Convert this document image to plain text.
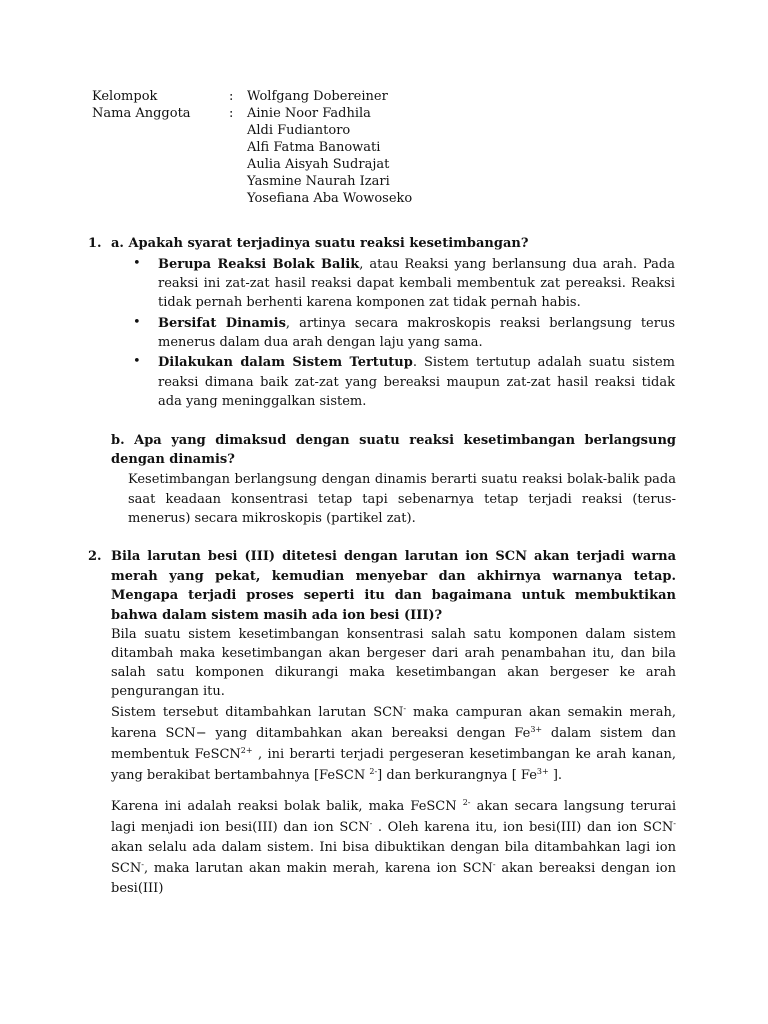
Kelompok	: Wolfgang Dobereiner
Nama Anggota	: Ainie Noor Fadhila
Aldi Fudiantoro
Alfi Fatma Banowati
Aulia Aisyah Sudrajat
Yasmine Naurah Izari
Yosefiana Aba Wowoseko
1. a. Apakah syarat terjadinya suatu reaksi kesetimbangan?
• Berupa Reaksi Bolak Balik, atau Reaksi yang berlansung dua arah. Pada reaksi ini zat-zat hasil reaksi dapat kembali membentuk zat pereaksi. Reaksi tidak pernah berhenti karena komponen zat tidak pernah habis.
• Bersifat Dinamis, artinya secara makroskopis reaksi berlangsung terus menerus dalam dua arah dengan laju yang sama.
• Dilakukan dalam Sistem Tertutup. Sistem tertutup adalah suatu sistem reaksi dimana baik zat-zat yang bereaksi maupun zat-zat hasil reaksi tidak ada yang meninggalkan sistem.
b. Apa yang dimaksud dengan suatu reaksi kesetimbangan berlangsung dengan dinamis?
Kesetimbangan berlangsung dengan dinamis berarti suatu reaksi bolak-balik pada saat keadaan konsentrasi tetap tapi sebenarnya tetap terjadi reaksi (terus-menerus) secara mikroskopis (partikel zat).
2. Bila larutan besi (III) ditetesi dengan larutan ion SCN akan terjadi warna merah yang pekat, kemudian menyebar dan akhirnya warnanya tetap. Mengapa terjadi proses seperti itu dan bagaimana untuk membuktikan bahwa dalam sistem masih ada ion besi (III)?
Bila suatu sistem kesetimbangan konsentrasi salah satu komponen dalam sistem ditambah maka kesetimbangan akan bergeser dari arah penambahan itu, dan bila salah satu komponen dikurangi maka kesetimbangan akan bergeser ke arah pengurangan itu.
Sistem tersebut ditambahkan larutan SCN- maka campuran akan semakin merah, karena SCN− yang ditambahkan akan bereaksi dengan $Fe^{3+}$ dalam sistem dan membentuk FeSCN$^{2+}$ , ini berarti terjadi pergeseran kesetimbangan ke arah kanan, yang berakibat bertambahnya [FeSCN $^{2-}$] dan berkurangnya [ $Fe^{3+}$ ].
Karena ini adalah reaksi bolak balik, maka FeSCN $^{2-}$ akan secara langsung terurai lagi menjadi ion besi(III) dan ion SCN- . Oleh karena itu, ion besi(III) dan ion SCN- akan selalu ada dalam sistem. Ini bisa dibuktikan dengan bila ditambahkan lagi ion SCN-, maka larutan akan makin merah, karena ion SCN- akan bereaksi dengan ion besi(III)
